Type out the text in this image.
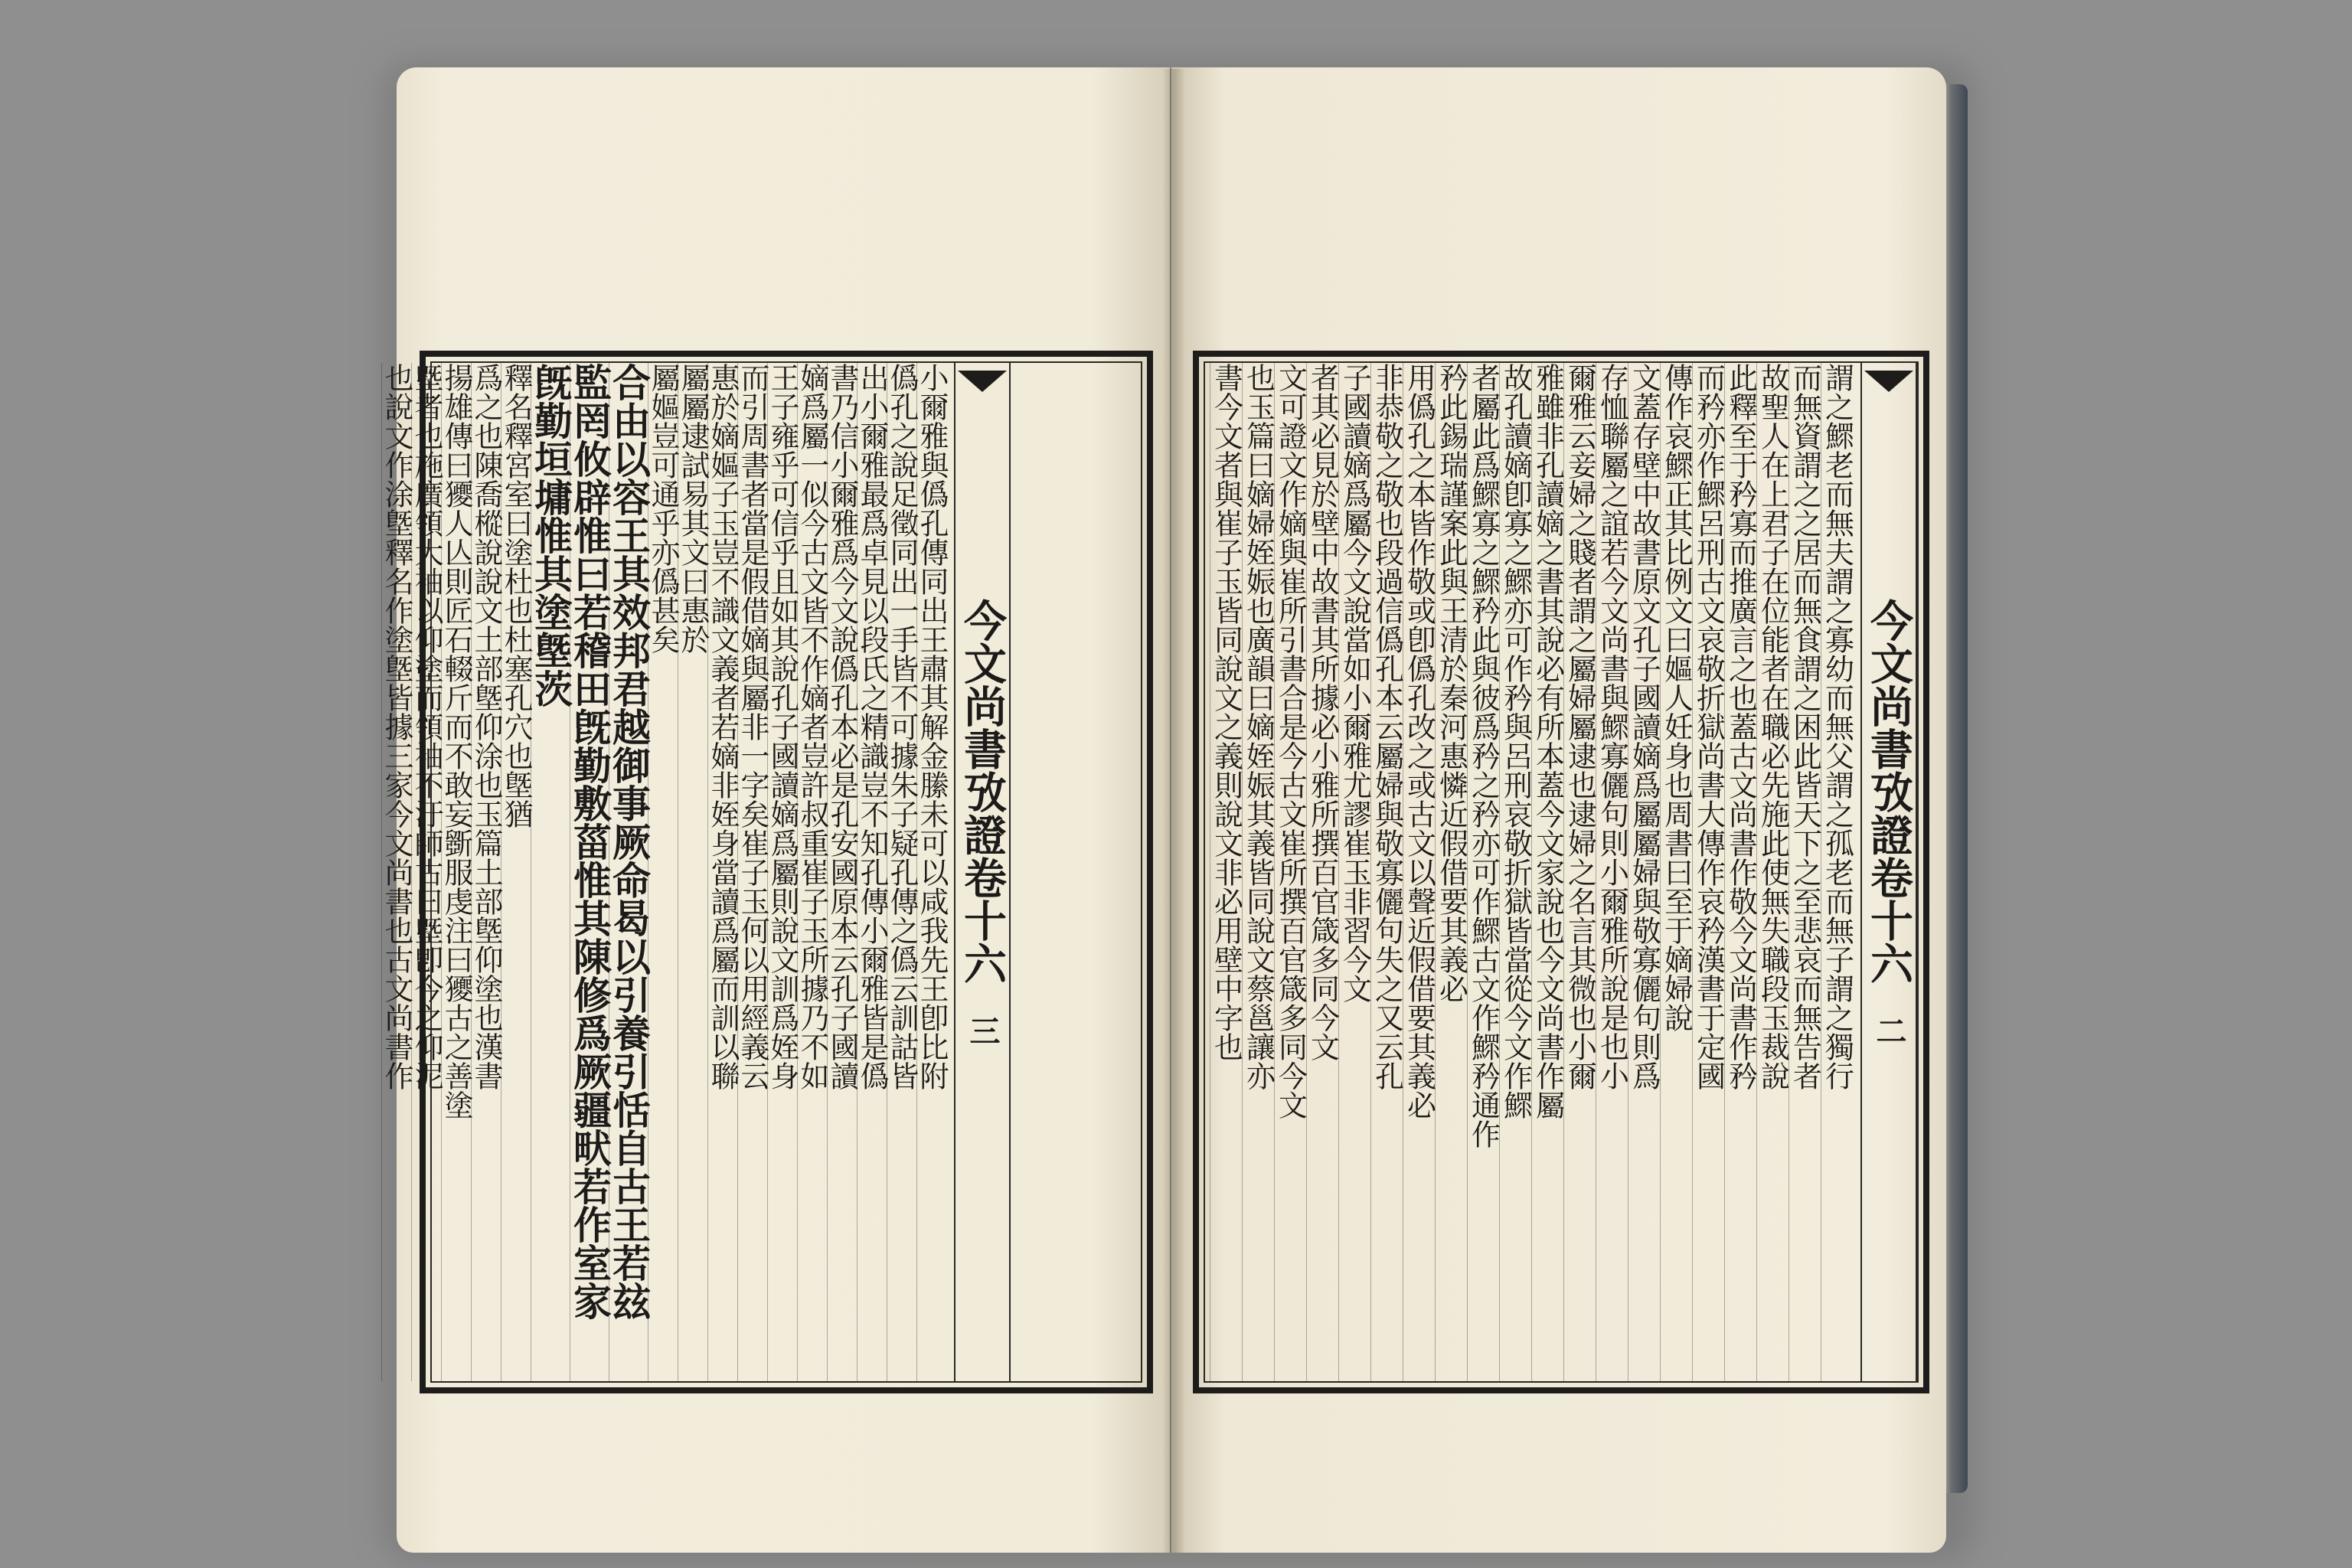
小爾雅與僞孔傳同出王肅其解金縢未可以咸我先王卽比附
僞孔之說足徵同出一手皆不可據朱子疑孔傳之僞云訓詁皆
出小爾雅最爲卓見以段氏之精識豈不知孔傳小爾雅皆是僞
書乃信小爾雅爲今文說僞孔本必是孔安國原本云孔子國讀
嫡爲屬一似今古文皆不作嫡者豈許叔重崔子玉所據乃不如
王子雍乎可信乎且如其說孔子國讀嫡爲屬則說文訓爲姪身
而引周書者當是假借嫡與屬非一字矣崔子玉何以用經義云
惠於嫡嫗子玉豈不識文義者若嫡非姪身當讀爲屬而訓以聯
屬屬逮試易其文曰惠於
屬嫗豈可通乎亦僞甚矣
合由以容王其效邦君越御事厥命曷以引養引恬自古王若玆
監罔攸辟惟曰若稽田旣勤敷菑惟其陳修爲厥疆畎若作室家
旣勤垣墉惟其塗墍茨
釋名釋宮室曰塗杜也杜塞孔穴也墍猶
爲之也陳喬樅說說文土部墍仰涂也玉篇土部墍仰塗也漢書
揚雄傳曰獿人亾則匠石輟斤而不敢妄斵服虔注曰獿古之善塗
墍者也施廣領大袖以仰塗而領袖不汙師古曰墍卽今之仰泥
也說文作涂墍釋名作塗墍皆據三家今文尚書也古文尚書作	今文尚書攷證卷十六
三	謂之鰥老而無夫謂之寡幼而無父謂之孤老而無子謂之獨行
而無資謂之之居而無食謂之困此皆天下之至悲哀而無告者
故聖人在上君子在位能者在職必先施此使無失職段玉裁說
此釋至于矜寡而推廣言之也蓋古文尚書作敬今文尚書作矜
而矜亦作鰥呂刑古文哀敬折獄尚書大傳作哀矜漢書于定國
傳作哀鰥正其比例文曰嫗人妊身也周書曰至于嫡婦說
文蓋存壁中故書原文孔子國讀嫡爲屬屬婦與敬寡儷句則爲
存恤聯屬之誼若今文尚書與鰥寡儷句則小爾雅所說是也小
爾雅云妾婦之賤者謂之屬婦屬逮也逮婦之名言其微也小爾
雅雖非孔讀嫡之書其說必有所本蓋今文家說也今文尚書作屬
故孔讀嫡卽寡之鰥亦可作矜與呂刑哀敬折獄皆當從今文作鰥
者屬此爲鰥寡之鰥矜此與彼爲矜之矜亦可作鰥古文作鰥矜通作
矜此錫瑞謹案此與王清於秦河惠憐近假借要其義必
用僞孔之本皆作敬或卽僞孔改之或古文以聲近假借要其義必
非恭敬之敬也段過信僞孔本云屬婦與敬寡儷句失之又云孔
子國讀嫡爲屬今文說當如小爾雅尤謬崔玉非習今文
者其必見於壁中故書其所據必小雅所撰百官箴多同今文
文可證文作嫡與崔所引書合是今古文崔所撰百官箴多同今文
也玉篇曰嫡婦姪娠也廣韻曰嫡姪娠其義皆同說文蔡邕讓亦
書今文者與崔子玉皆同說文之義則說文非必用壁中字也	今文尚書攷證卷十六
二
